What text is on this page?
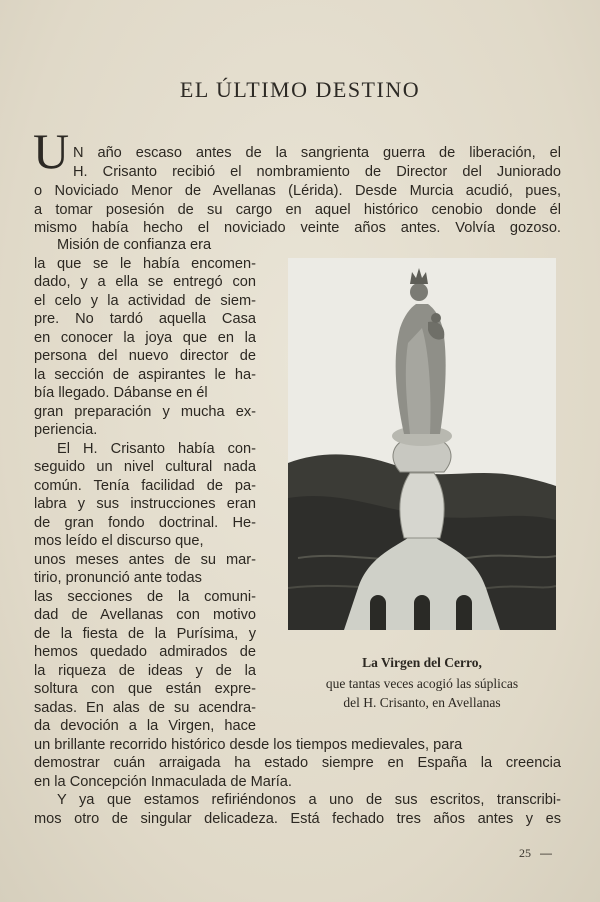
EL ÚLTIMO DESTINO
U N año escaso antes de la sangrienta guerra de liberación, el
H. Crisanto recibió el nombramiento de Director del Juniorado
o Noviciado Menor de Avellanas (Lérida). Desde Murcia acudió, pues,
a tomar posesión de su cargo en aquel histórico cenobio donde él
mismo había hecho el noviciado veinte años antes. Volvía gozoso.
Misión de confianza era
la que se le había encomen-
dado, y a ella se entregó con
el celo y la actividad de siem-
pre. No tardó aquella Casa
en conocer la joya que en la
persona del nuevo director de
la sección de aspirantes le ha-
bía llegado. Dábanse en él
gran preparación y mucha ex-
periencia.
El H. Crisanto había con-
seguido un nivel cultural nada
común. Tenía facilidad de pa-
labra y sus instrucciones eran
de gran fondo doctrinal. He-
mos leído el discurso que,
unos meses antes de su mar-
tirio, pronunció ante todas
las secciones de la comuni-
dad de Avellanas con motivo
de la fiesta de la Purísima, y
hemos quedado admirados de
la riqueza de ideas y de la
soltura con que están expre-
sadas. En alas de su acendra-
da devoción a la Virgen, hace
un brillante recorrido histórico desde los tiempos medievales, para
demostrar cuán arraigada ha estado siempre en España la creencia
en la Concepción Inmaculada de María.
Y ya que estamos refiriéndonos a uno de sus escritos, transcribi-
mos otro de singular delicadeza. Está fechado tres años antes y es
La Virgen del Cerro,
que tantas veces acogió las súplicas
del H. Crisanto, en Avellanas
25 —
